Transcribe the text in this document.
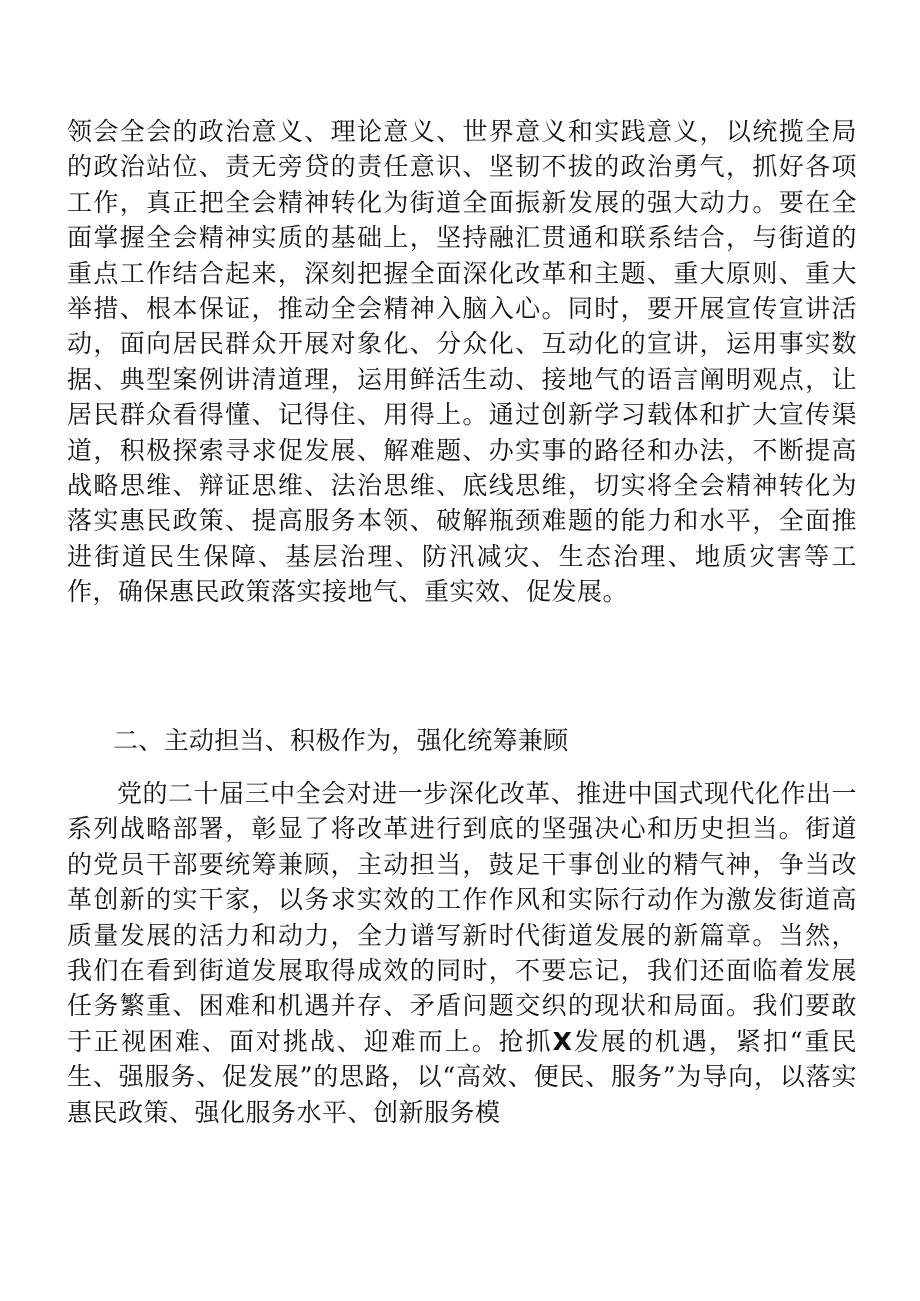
领会全会的政治意义、理论意义、世界意义和实践意义，以统揽全局的政治站位、责无旁贷的责任意识、坚韧不拔的政治勇气，抓好各项工作，真正把全会精神转化为街道全面振新发展的强大动力。要在全面掌握全会精神实质的基础上，坚持融汇贯通和联系结合，与街道的重点工作结合起来，深刻把握全面深化改革和主题、重大原则、重大举措、根本保证，推动全会精神入脑入心。同时，要开展宣传宣讲活动，面向居民群众开展对象化、分众化、互动化的宣讲，运用事实数据、典型案例讲清道理，运用鲜活生动、接地气的语言阐明观点，让居民群众看得懂、记得住、用得上。通过创新学习载体和扩大宣传渠道，积极探索寻求促发展、解难题、办实事的路径和办法，不断提高战略思维、辩证思维、法治思维、底线思维，切实将全会精神转化为落实惠民政策、提高服务本领、破解瓶颈难题的能力和水平，全面推进街道民生保障、基层治理、防汛减灾、生态治理、地质灾害等工作，确保惠民政策落实接地气、重实效、促发展。

二、主动担当、积极作为，强化统筹兼顾

党的二十届三中全会对进一步深化改革、推进中国式现代化作出一系列战略部署，彰显了将改革进行到底的坚强决心和历史担当。街道的党员干部要统筹兼顾，主动担当，鼓足干事创业的精气神，争当改革创新的实干家，以务求实效的工作作风和实际行动作为激发街道高质量发展的活力和动力，全力谱写新时代街道发展的新篇章。当然，我们在看到街道发展取得成效的同时，不要忘记，我们还面临着发展任务繁重、困难和机遇并存、矛盾问题交织的现状和局面。我们要敢于正视困难、面对挑战、迎难而上。抢抓X发展的机遇，紧扣“重民生、强服务、促发展”的思路，以“高效、便民、服务”为导向，以落实惠民政策、强化服务水平、创新服务模
